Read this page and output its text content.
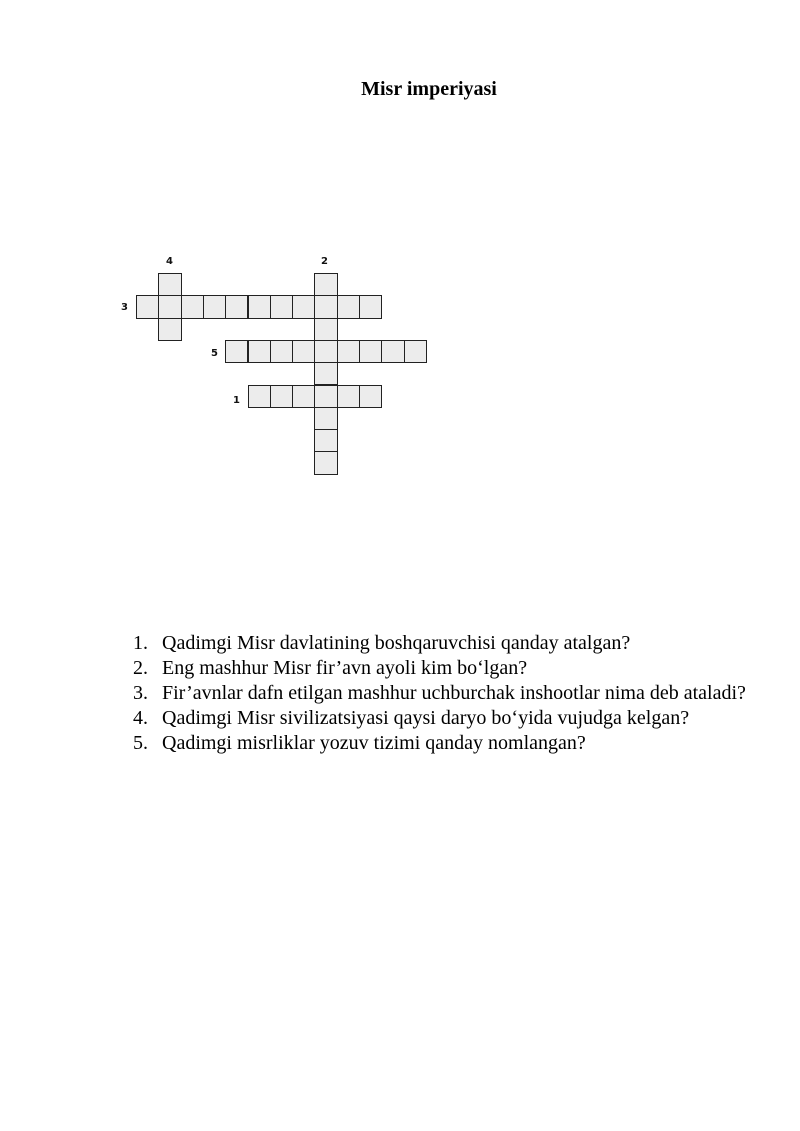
Misr imperiyasi
4	2
3
5
1
1. Qadimgi Misr davlatining boshqaruvchisi qanday atalgan?
2. Eng mashhur Misr fir’avn ayoli kim bo‘lgan?
3. Fir’avnlar dafn etilgan mashhur uchburchak inshootlar nima deb ataladi?
4. Qadimgi Misr sivilizatsiyasi qaysi daryo bo‘yida vujudga kelgan?
5. Qadimgi misrliklar yozuv tizimi qanday nomlangan?
